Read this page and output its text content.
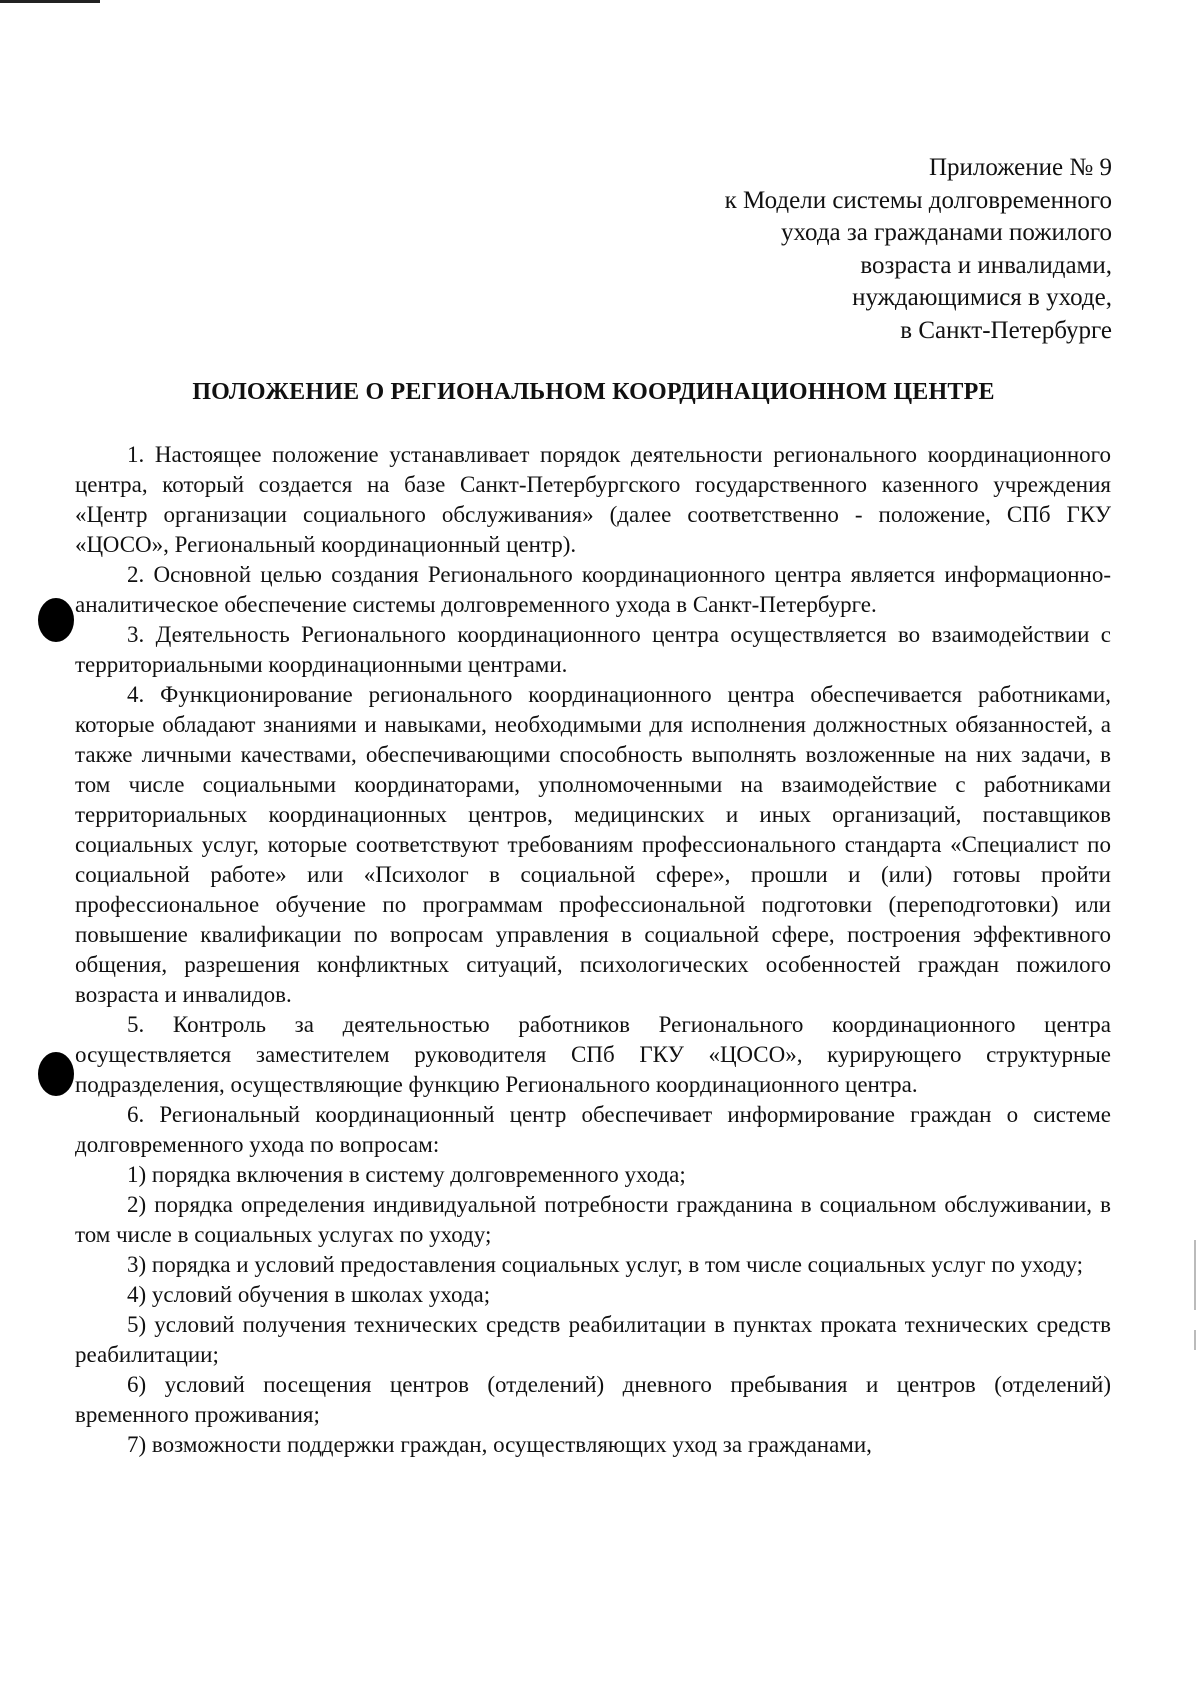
Приложение № 9
к Модели системы долговременного
ухода за гражданами пожилого
возраста и инвалидами,
нуждающимися в уходе,
в Санкт-Петербурге
ПОЛОЖЕНИЕ О РЕГИОНАЛЬНОМ КООРДИНАЦИОННОМ ЦЕНТРЕ

1. Настоящее положение устанавливает порядок деятельности регионального координационного центра, который создается на базе Санкт-Петербургского государственного казенного учреждения «Центр организации социального обслуживания» (далее соответственно - положение, СПб ГКУ «ЦОСО», Региональный координационный центр).

2. Основной целью создания Регионального координационного центра является информационно-аналитическое обеспечение системы долговременного ухода в Санкт-Петербурге.

3. Деятельность Регионального координационного центра осуществляется во взаимодействии с территориальными координационными центрами.

4. Функционирование регионального координационного центра обеспечивается работниками, которые обладают знаниями и навыками, необходимыми для исполнения должностных обязанностей, а также личными качествами, обеспечивающими способность выполнять возложенные на них задачи, в том числе социальными координаторами, уполномоченными на взаимодействие с работниками территориальных координационных центров, медицинских и иных организаций, поставщиков социальных услуг, которые соответствуют требованиям профессионального стандарта «Специалист по социальной работе» или «Психолог в социальной сфере», прошли и (или) готовы пройти профессиональное обучение по программам профессиональной подготовки (переподготовки) или повышение квалификации по вопросам управления в социальной сфере, построения эффективного общения, разрешения конфликтных ситуаций, психологических особенностей граждан пожилого возраста и инвалидов.

5. Контроль за деятельностью работников Регионального координационного центра осуществляется заместителем руководителя СПб ГКУ «ЦОСО», курирующего структурные подразделения, осуществляющие функцию Регионального координационного центра.

6. Региональный координационный центр обеспечивает информирование граждан о системе долговременного ухода по вопросам:

1) порядка включения в систему долговременного ухода;

2) порядка определения индивидуальной потребности гражданина в социальном обслуживании, в том числе в социальных услугах по уходу;

3) порядка и условий предоставления социальных услуг, в том числе социальных услуг по уходу;

4) условий обучения в школах ухода;

5) условий получения технических средств реабилитации в пунктах проката технических средств реабилитации;

6) условий посещения центров (отделений) дневного пребывания и центров (отделений) временного проживания;

7) возможности поддержки граждан, осуществляющих уход за гражданами,
